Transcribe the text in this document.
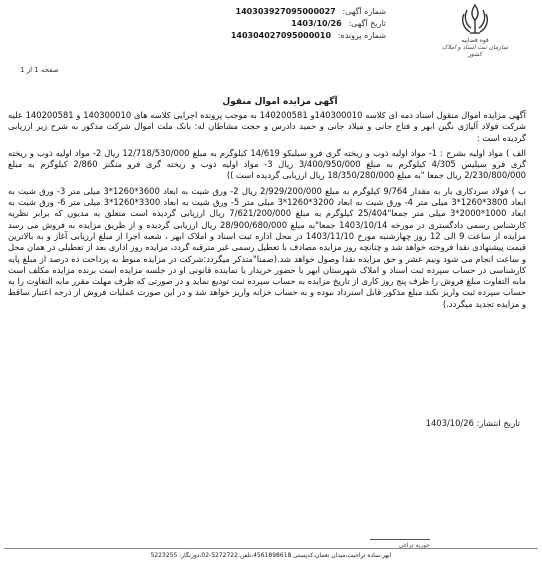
شماره آگهی: 140303927095000027
تاریخ آگهی: 1403/10/26
شماره پرونده: 140304027095000010
قوه قضاییه
سازمان ثبت اسناد و املاک کشور
صفحه 1 از 1
آگهی مزایده اموال منقول

آگهی مزایده اموال منقول اسناد ذمه ای کلاسه 140300010و 140200581 به موجب پرونده اجرایی کلاسه های 140300010 و 140200581 علیه شرکت فولاد آلیاژی نگین ابهر و فتاح جانی و میلاد جانی و حمید دادرس و حجت مشاطان له: بانک ملت اموال شرکت مذکور به شرح زیر ارزیابی گردیده است :

الف ) مواد اولیه بشرح : 1- مواد اولیه ذوب و ریخته گری فرو سیلیکو 14/619 کیلوگرم به مبلغ 12/718/530/000 ریال 2- مواد اولیه ذوب و ریخته گری فرو سیلیس 4/305 کیلوگرم به مبلغ 3/400/950/000 ریال 3- مواد اولیه ذوب و ریخته گری فرو منگنز 2/860 کیلوگرم به مبلغ 2/230/800/000 ریال جمعا "به مبلغ 18/350/280/000 ریال ارزیابی گردیده است ))

ب ) فولاد سردکاری بار به مقدار 9/764 کیلوگرم به مبلغ 2/929/200/000 ریال 2- ورق شیت به ابعاد 3600*1260*3 میلی متر 3- ورق شیت به ابعاد 3800*1260*3 میلی متر 4- ورق شیت به ابعاد 3200*1260*3 میلی متر 5- ورق شیت به ابعاد 3300*1260*3 میلی متر 6- ورق شیت به ابعاد 1000*2000*3 میلی متر جمعا"25/404 کیلوگرم به مبلغ 7/621/200/000 ریال ارزیابی گردیده است متعلق به مدیون که برابر نظریه کارشناس رسمی دادگستری در مورخه 1403/10/14 جمعا"به مبلغ 28/900/680/000 ریال ارزیابی گردیده و از طریق مزایده به فروش می رسد مزایده از ساعت 9 الی 12 روز چهارشنبه مورخ 1403/11/10 در محل اداره ثبت اسناد و املاک ابهر ، شعبه اجرا از مبلغ ارزیابی آغاز و به بالاترین قیمت پیشنهادی نقدا فروخته خواهد شد و چنانچه روز مزایده مصادف با تعطیل رسمی غیر مترقبه گردد، مزایده روز اداری بعد از تعطیلی در همان محل و ساعت انجام می شود ونیم عشر و حق مزایده نقدا وصول خواهد شد.(ضمنا"متذکر میگردد:شرکت در مزایده منوط به پرداخت ده درصد از مبلغ پایه کارشناسی در حساب سپرده ثبت اسناد و املاک شهرستان ابهر با حضور خریدار یا نماینده قانونی او در جلسه مزایده است برنده مزایده مکلف است مابه التفاوت مبلغ فروش را ظرف پنج روز کاری از تاریخ مزایده به حساب سپرده ثبت تودیع نماید و در صورتی که ظرف مهلت مقرر مابه التفاوت را به حساب سپرده ثبت واریز نکند مبلغ مذکور قابل استرداد نبوده و به حساب خزانه واریز خواهد شد و در این صورت عملیات فروش از درجه اعتبار ساقط و مزایده تجدید میگردد.)

تاریخ انتشار: 1403/10/26
حوریه تراغی
ابهر،ساده تراجیت،میدان نعمان،کدپستی 4561898618،تلفن:5272722-02،دورنگار: 5223255
